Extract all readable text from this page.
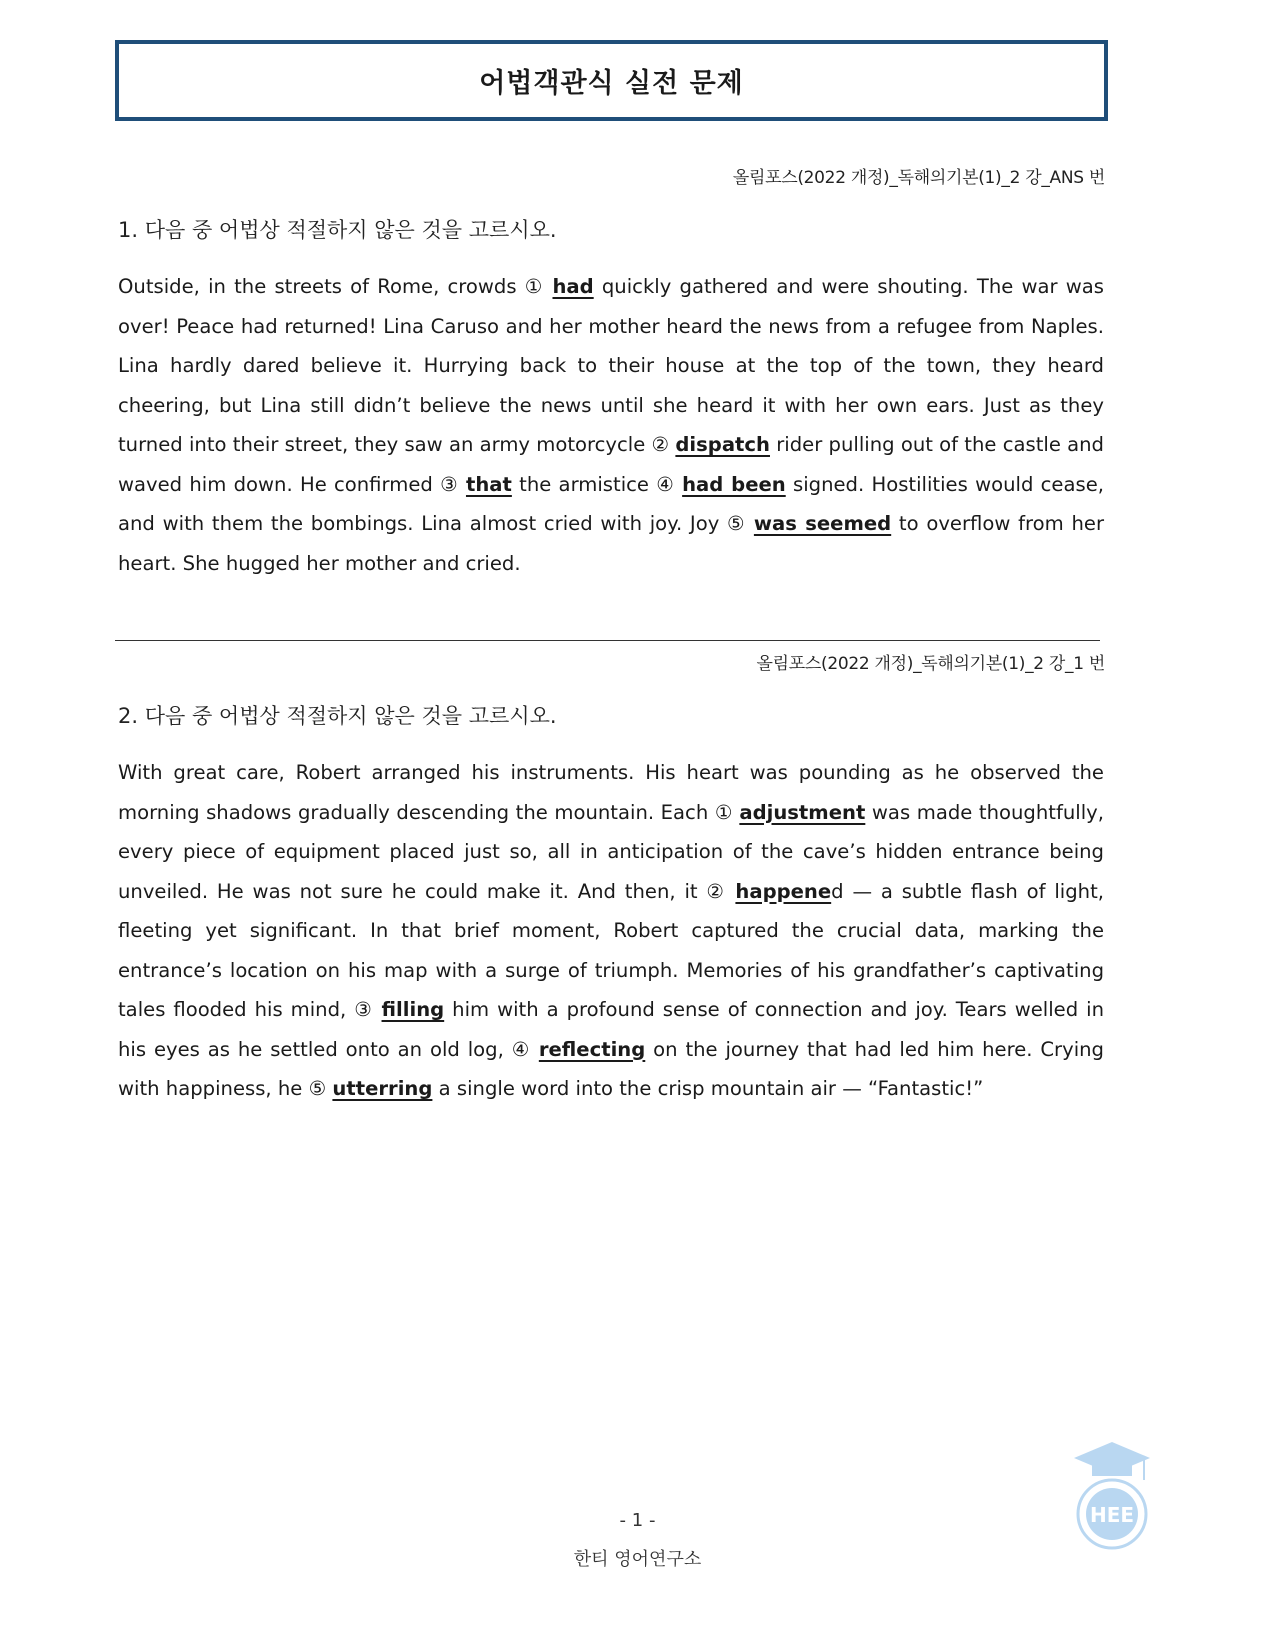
어법객관식 실전 문제
올림포스(2022 개정)_독해의기본(1)_2 강_ANS 번
1. 다음 중 어법상 적절하지 않은 것을 고르시오.

Outside, in the streets of Rome, crowds ① had quickly gathered and were shouting. The war was over! Peace had returned! Lina Caruso and her mother heard the news from a refugee from Naples. Lina hardly dared believe it. Hurrying back to their house at the top of the town, they heard cheering, but Lina still didn’t believe the news until she heard it with her own ears. Just as they turned into their street, they saw an army motorcycle ② dispatch rider pulling out of the castle and waved him down. He confirmed ③ that the armistice ④ had been signed. Hostilities would cease, and with them the bombings. Lina almost cried with joy. Joy ⑤ was seemed to overflow from her heart. She hugged her mother and cried.

올림포스(2022 개정)_독해의기본(1)_2 강_1 번
2. 다음 중 어법상 적절하지 않은 것을 고르시오.

With great care, Robert arranged his instruments. His heart was pounding as he observed the morning shadows gradually descending the mountain. Each ① adjustment was made thoughtfully, every piece of equipment placed just so, all in anticipation of the cave’s hidden entrance being unveiled. He was not sure he could make it. And then, it ② happened — a subtle flash of light, fleeting yet significant. In that brief moment, Robert captured the crucial data, marking the entrance’s location on his map with a surge of triumph. Memories of his grandfather’s captivating tales flooded his mind, ③ filling him with a profound sense of connection and joy. Tears welled in his eyes as he settled onto an old log, ④ reflecting on the journey that had led him here. Crying with happiness, he ⑤ utterring a single word into the crisp mountain air — “Fantastic!”

HEE
- 1 -
한티 영어연구소
